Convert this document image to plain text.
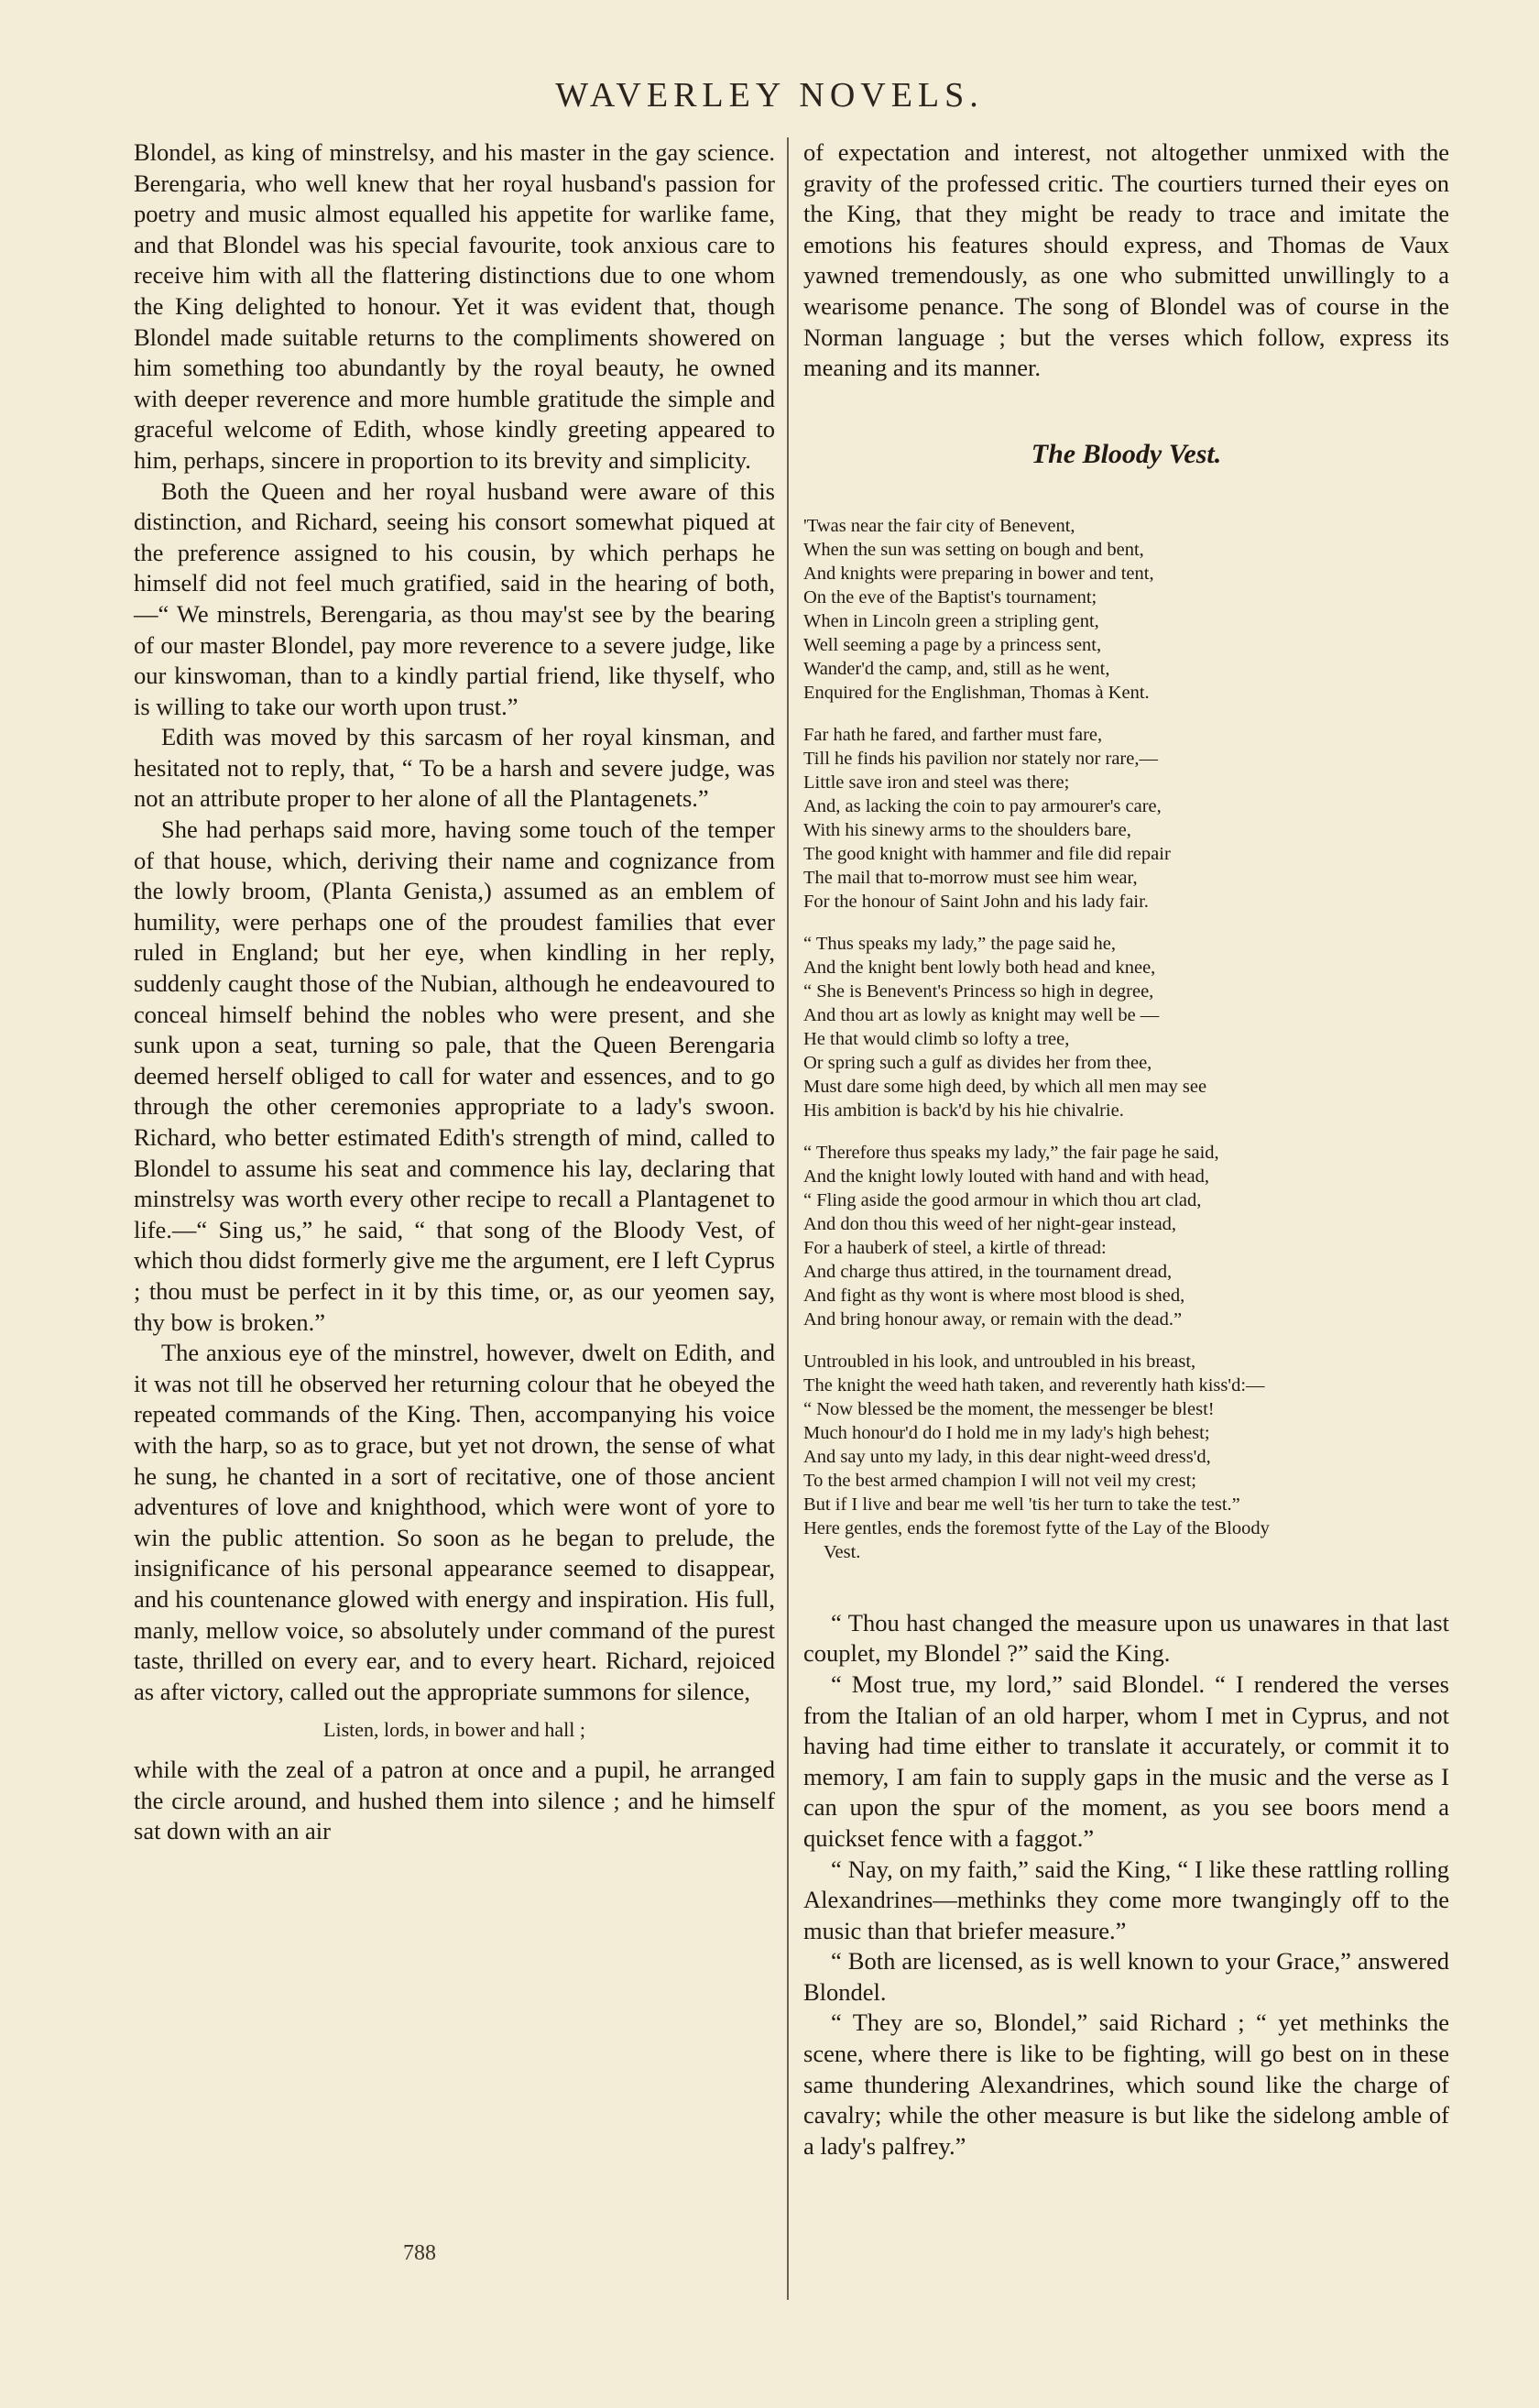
WAVERLEY NOVELS.

Blondel, as king of minstrelsy, and his master in the gay science. Berengaria, who well knew that her royal husband's passion for poetry and music almost equalled his appetite for warlike fame, and that Blondel was his special favourite, took anxious care to receive him with all the flattering distinctions due to one whom the King delighted to honour. Yet it was evident that, though Blondel made suitable returns to the compliments showered on him something too abundantly by the royal beauty, he owned with deeper reverence and more humble gratitude the simple and graceful welcome of Edith, whose kindly greeting appeared to him, perhaps, sincere in proportion to its brevity and simplicity.

Both the Queen and her royal husband were aware of this distinction, and Richard, seeing his consort somewhat piqued at the preference assigned to his cousin, by which perhaps he himself did not feel much gratified, said in the hearing of both, —“ We minstrels, Berengaria, as thou may'st see by the bearing of our master Blondel, pay more reverence to a severe judge, like our kinswoman, than to a kindly partial friend, like thyself, who is willing to take our worth upon trust.”

Edith was moved by this sarcasm of her royal kinsman, and hesitated not to reply, that, “ To be a harsh and severe judge, was not an attribute proper to her alone of all the Plantagenets.”

She had perhaps said more, having some touch of the temper of that house, which, deriving their name and cognizance from the lowly broom, (Planta Genista,) assumed as an emblem of humility, were perhaps one of the proudest families that ever ruled in England; but her eye, when kindling in her reply, suddenly caught those of the Nubian, although he endeavoured to conceal himself behind the nobles who were present, and she sunk upon a seat, turning so pale, that the Queen Berengaria deemed herself obliged to call for water and essences, and to go through the other ceremonies appropriate to a lady's swoon. Richard, who better estimated Edith's strength of mind, called to Blondel to assume his seat and commence his lay, declaring that minstrelsy was worth every other recipe to recall a Plantagenet to life.—“ Sing us,” he said, “ that song of the Bloody Vest, of which thou didst formerly give me the argument, ere I left Cyprus ; thou must be perfect in it by this time, or, as our yeomen say, thy bow is broken.”

The anxious eye of the minstrel, however, dwelt on Edith, and it was not till he observed her returning colour that he obeyed the repeated commands of the King. Then, accompanying his voice with the harp, so as to grace, but yet not drown, the sense of what he sung, he chanted in a sort of recitative, one of those ancient adventures of love and knighthood, which were wont of yore to win the public attention. So soon as he began to prelude, the insignificance of his personal appearance seemed to disappear, and his countenance glowed with energy and inspiration. His full, manly, mellow voice, so absolutely under command of the purest taste, thrilled on every ear, and to every heart. Richard, rejoiced as after victory, called out the appropriate summons for silence,

Listen, lords, in bower and hall ;

while with the zeal of a patron at once and a pupil, he arranged the circle around, and hushed them into silence ; and he himself sat down with an air

of expectation and interest, not altogether unmixed with the gravity of the professed critic. The courtiers turned their eyes on the King, that they might be ready to trace and imitate the emotions his features should express, and Thomas de Vaux yawned tremendously, as one who submitted unwillingly to a wearisome penance. The song of Blondel was of course in the Norman language ; but the verses which follow, express its meaning and its manner.

The Bloody Vest.
'Twas near the fair city of Benevent,
When the sun was setting on bough and bent,
And knights were preparing in bower and tent,
On the eve of the Baptist's tournament;
When in Lincoln green a stripling gent,
Well seeming a page by a princess sent,
Wander'd the camp, and, still as he went,
Enquired for the Englishman, Thomas à Kent.
Far hath he fared, and farther must fare,
Till he finds his pavilion nor stately nor rare,—
Little save iron and steel was there;
And, as lacking the coin to pay armourer's care,
With his sinewy arms to the shoulders bare,
The good knight with hammer and file did repair
The mail that to-morrow must see him wear,
For the honour of Saint John and his lady fair.
“ Thus speaks my lady,” the page said he,
And the knight bent lowly both head and knee,
“ She is Benevent's Princess so high in degree,
And thou art as lowly as knight may well be —
He that would climb so lofty a tree,
Or spring such a gulf as divides her from thee,
Must dare some high deed, by which all men may see
His ambition is back'd by his hie chivalrie.
“ Therefore thus speaks my lady,” the fair page he said,
And the knight lowly louted with hand and with head,
“ Fling aside the good armour in which thou art clad,
And don thou this weed of her night-gear instead,
For a hauberk of steel, a kirtle of thread:
And charge thus attired, in the tournament dread,
And fight as thy wont is where most blood is shed,
And bring honour away, or remain with the dead.”
Untroubled in his look, and untroubled in his breast,
The knight the weed hath taken, and reverently hath kiss'd:—
“ Now blessed be the moment, the messenger be blest!
Much honour'd do I hold me in my lady's high behest;
And say unto my lady, in this dear night-weed dress'd,
To the best armed champion I will not veil my crest;
But if I live and bear me well 'tis her turn to take the test.”
Here gentles, ends the foremost fytte of the Lay of the Bloody
Vest.

“ Thou hast changed the measure upon us unawares in that last couplet, my Blondel ?” said the King.

“ Most true, my lord,” said Blondel. “ I rendered the verses from the Italian of an old harper, whom I met in Cyprus, and not having had time either to translate it accurately, or commit it to memory, I am fain to supply gaps in the music and the verse as I can upon the spur of the moment, as you see boors mend a quickset fence with a faggot.”

“ Nay, on my faith,” said the King, “ I like these rattling rolling Alexandrines—methinks they come more twangingly off to the music than that briefer measure.”

“ Both are licensed, as is well known to your Grace,” answered Blondel.

“ They are so, Blondel,” said Richard ; “ yet methinks the scene, where there is like to be fighting, will go best on in these same thundering Alexandrines, which sound like the charge of cavalry; while the other measure is but like the sidelong amble of a lady's palfrey.”

788
